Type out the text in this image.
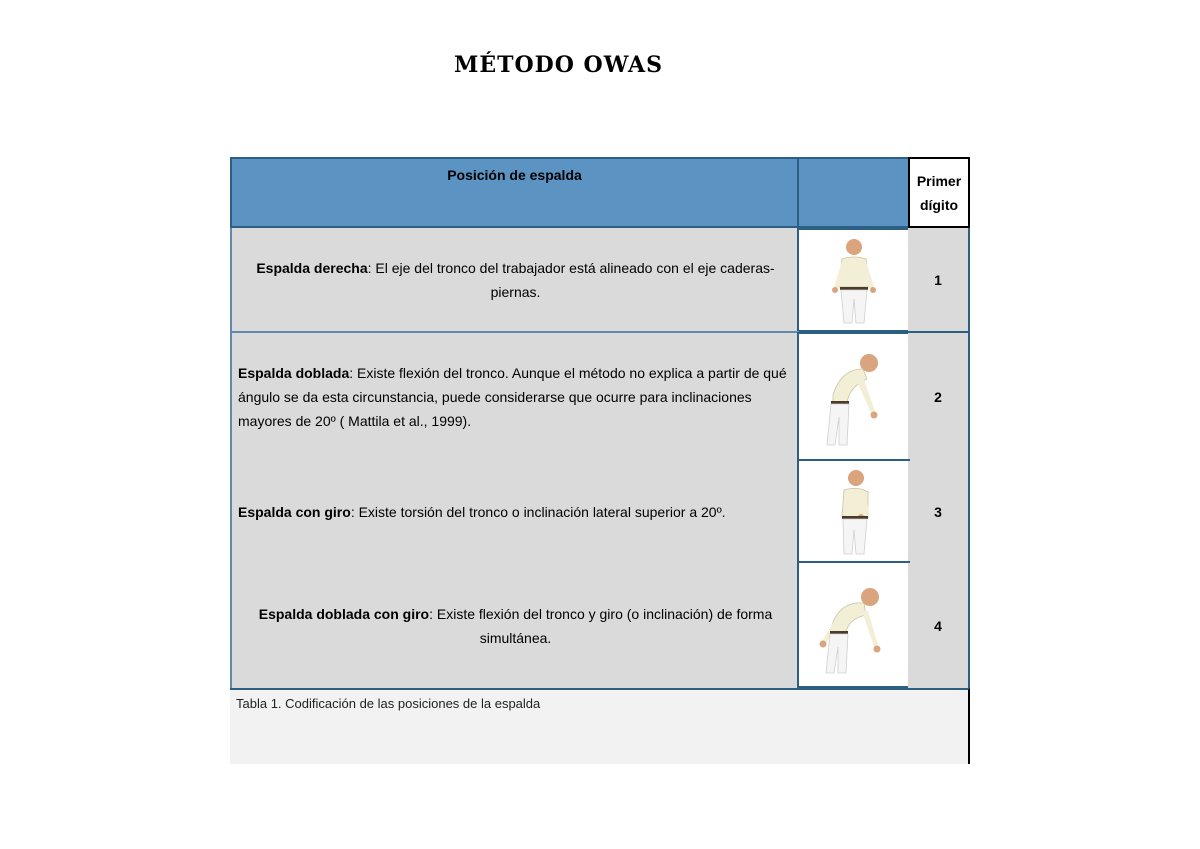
MÉTODO OWAS
Posición de espalda	Primer
dígito
Espalda derecha: El eje del tronco del trabajador está alineado con el eje caderas-piernas.
1
Espalda doblada: Existe flexión del tronco. Aunque el método no explica a partir de qué ángulo se da esta circunstancia, puede considerarse que ocurre para inclinaciones mayores de 20º ( Mattila et al., 1999).
2
Espalda con giro: Existe torsión del tronco o inclinación lateral superior a 20º.	3
Espalda doblada con giro: Existe flexión del tronco y giro (o inclinación) de forma simultánea.
4
Tabla 1. Codificación de las posiciones de la espalda
